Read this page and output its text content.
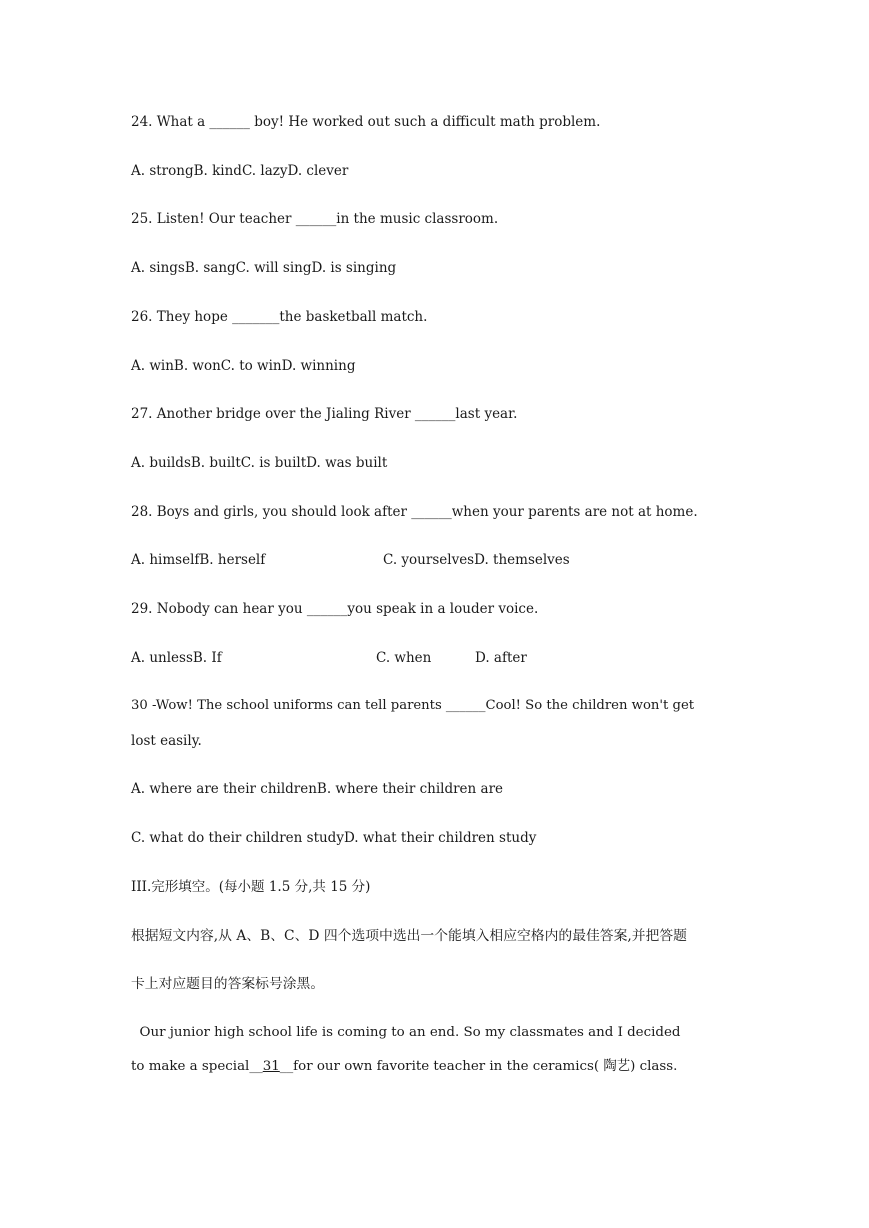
24. What a ______ boy! He worked out such a difficult math problem.
A. strongB. kindC. lazyD. clever
25. Listen! Our teacher ______in the music classroom.
A. singsB. sangC. will singD. is singing
26. They hope _______the basketball match.
A. winB. wonC. to winD. winning
27. Another bridge over the Jialing River ______last year.
A. buildsB. builtC. is builtD. was built
28. Boys and girls, you should look after ______when your parents are not at home.

A. himselfB. herself

	C. yourselvesD. themselves

29. Nobody can hear you ______you speak in a louder voice.

A. unlessB. If

	C. when

	D. after

30 -Wow! The school uniforms can tell parents ______Cool! So the children won't get
lost easily.
A. where are their childrenB. where their children are
C. what do their children studyD. what their children study
III.完形填空。(每小题 1.5 分,共 15 分)
根据短文内容,从 A、B、C、D 四个选项中选出一个能填入相应空格内的最佳答案,并把答题
卡上对应题目的答案标号涂黑。
Our junior high school life is coming to an end. So my classmates and I decided
to make a special__31__for our own favorite teacher in the ceramics( 陶艺) class.
